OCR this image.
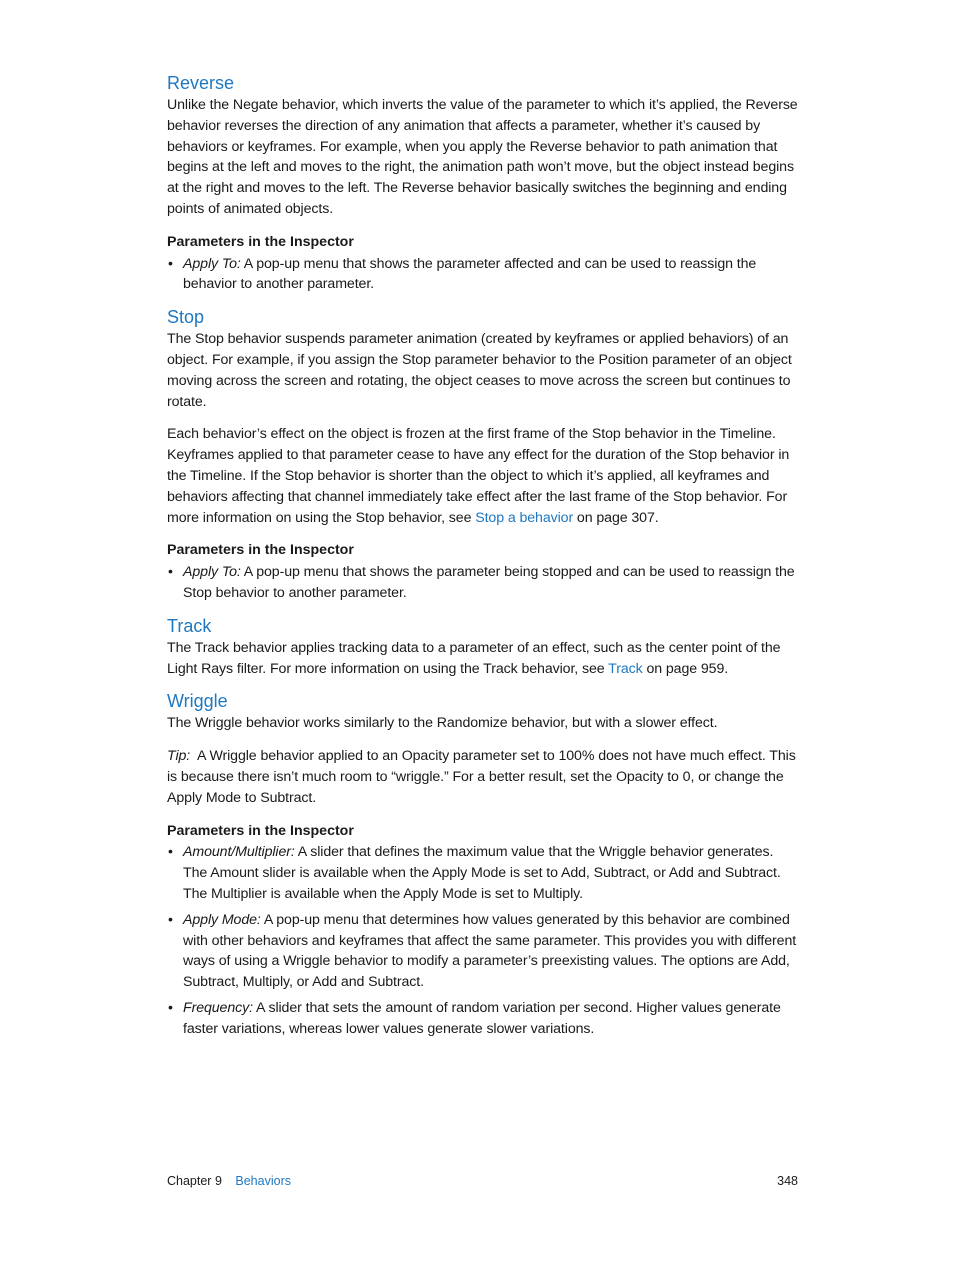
Reverse

Unlike the Negate behavior, which inverts the value of the parameter to which it’s applied, the Reverse behavior reverses the direction of any animation that affects a parameter, whether it’s caused by behaviors or keyframes. For example, when you apply the Reverse behavior to path animation that begins at the left and moves to the right, the animation path won’t move, but the object instead begins at the right and moves to the left. The Reverse behavior basically switches the beginning and ending points of animated objects.

Parameters in the Inspector
• Apply To: A pop-up menu that shows the parameter affected and can be used to reassign the behavior to another parameter.
Stop

The Stop behavior suspends parameter animation (created by keyframes or applied behaviors) of an object. For example, if you assign the Stop parameter behavior to the Position parameter of an object moving across the screen and rotating, the object ceases to move across the screen but continues to rotate.

Each behavior’s effect on the object is frozen at the first frame of the Stop behavior in the Timeline. Keyframes applied to that parameter cease to have any effect for the duration of the Stop behavior in the Timeline. If the Stop behavior is shorter than the object to which it’s applied, all keyframes and behaviors affecting that channel immediately take effect after the last frame of the Stop behavior. For more information on using the Stop behavior, see Stop a behavior on page 307.

Parameters in the Inspector
• Apply To: A pop-up menu that shows the parameter being stopped and can be used to reassign the Stop behavior to another parameter.
Track

The Track behavior applies tracking data to a parameter of an effect, such as the center point of the Light Rays filter. For more information on using the Track behavior, see Track on page 959.

Wriggle

The Wriggle behavior works similarly to the Randomize behavior, but with a slower effect.

Tip:  A Wriggle behavior applied to an Opacity parameter set to 100% does not have much effect. This is because there isn’t much room to “wriggle.” For a better result, set the Opacity to 0, or change the Apply Mode to Subtract.

Parameters in the Inspector
• Amount/Multiplier: A slider that defines the maximum value that the Wriggle behavior generates. The Amount slider is available when the Apply Mode is set to Add, Subtract, or Add and Subtract. The Multiplier is available when the Apply Mode is set to Multiply.
• Apply Mode: A pop-up menu that determines how values generated by this behavior are combined with other behaviors and keyframes that affect the same parameter. This provides you with different ways of using a Wriggle behavior to modify a parameter’s preexisting values. The options are Add, Subtract, Multiply, or Add and Subtract.
• Frequency: A slider that sets the amount of random variation per second. Higher values generate faster variations, whereas lower values generate slower variations.
Chapter 9 Behaviors	348
